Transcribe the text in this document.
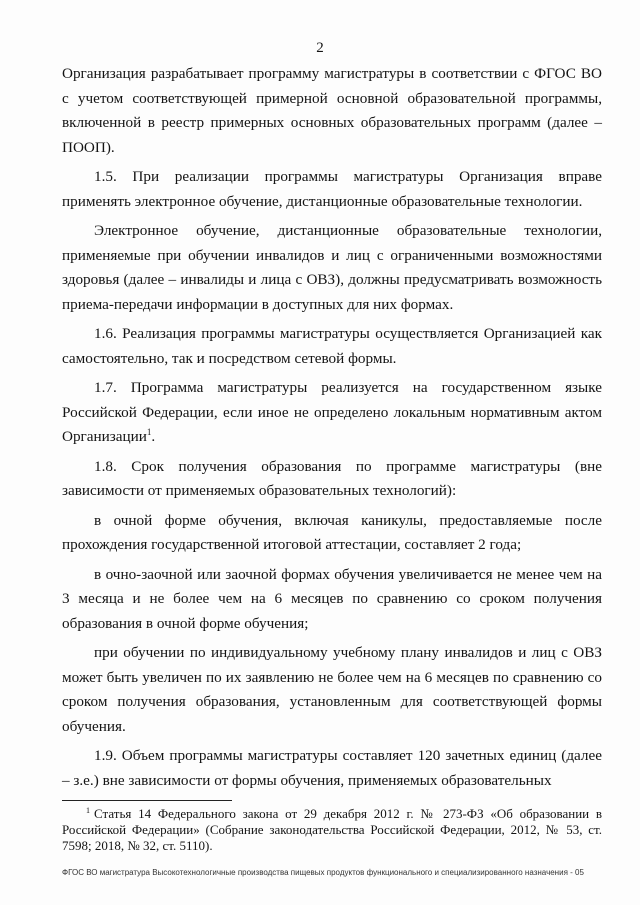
2

Организация разрабатывает программу магистратуры в соответствии с ФГОС ВО с учетом соответствующей примерной основной образовательной программы, включенной в реестр примерных основных образовательных программ (далее – ПООП).

1.5. При реализации программы магистратуры Организация вправе применять электронное обучение, дистанционные образовательные технологии.

Электронное обучение, дистанционные образовательные технологии, применяемые при обучении инвалидов и лиц с ограниченными возможностями здоровья (далее – инвалиды и лица с ОВЗ), должны предусматривать возможность приема-передачи информации в доступных для них формах.

1.6. Реализация программы магистратуры осуществляется Организацией как самостоятельно, так и посредством сетевой формы.

1.7. Программа магистратуры реализуется на государственном языке Российской Федерации, если иное не определено локальным нормативным актом Организации$^1$.

1.8. Срок получения образования по программе магистратуры (вне зависимости от применяемых образовательных технологий):

в очной форме обучения, включая каникулы, предоставляемые после прохождения государственной итоговой аттестации, составляет 2 года;

в очно-заочной или заочной формах обучения увеличивается не менее чем на 3 месяца и не более чем на 6 месяцев по сравнению со сроком получения образования в очной форме обучения;

при обучении по индивидуальному учебному плану инвалидов и лиц с ОВЗ может быть увеличен по их заявлению не более чем на 6 месяцев по сравнению со сроком получения образования, установленным для соответствующей формы обучения.

1.9. Объем программы магистратуры составляет 120 зачетных единиц (далее – з.е.) вне зависимости от формы обучения, применяемых образовательных

$^1$ Статья 14 Федерального закона от 29 декабря 2012 г. № 273-ФЗ «Об образовании в Российской Федерации» (Собрание законодательства Российской Федерации, 2012, № 53, ст. 7598; 2018, № 32, ст. 5110).
ФГОС ВО магистратура Высокотехнологичные производства пищевых продуктов функционального и специализированного назначения - 05
